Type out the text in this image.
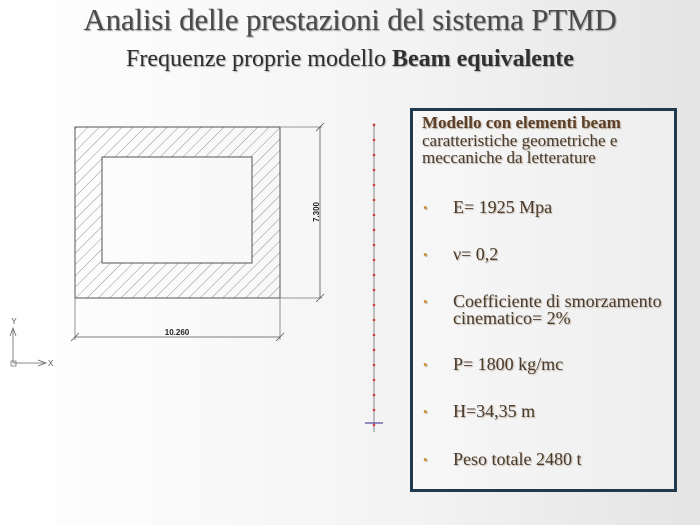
Analisi delle prestazioni del sistema PTMD
Frequenze proprie modello Beam equivalente
7.300
10.260
Y
X
Modello con elementi beam
caratteristiche geometriche e meccaniche da letterature
• E= 1925 Mpa
• ν= 0,2
• Coefficiente di smorzamento cinematico= 2%
• P= 1800 kg/mc
• H=34,35 m
• Peso totale 2480 t
